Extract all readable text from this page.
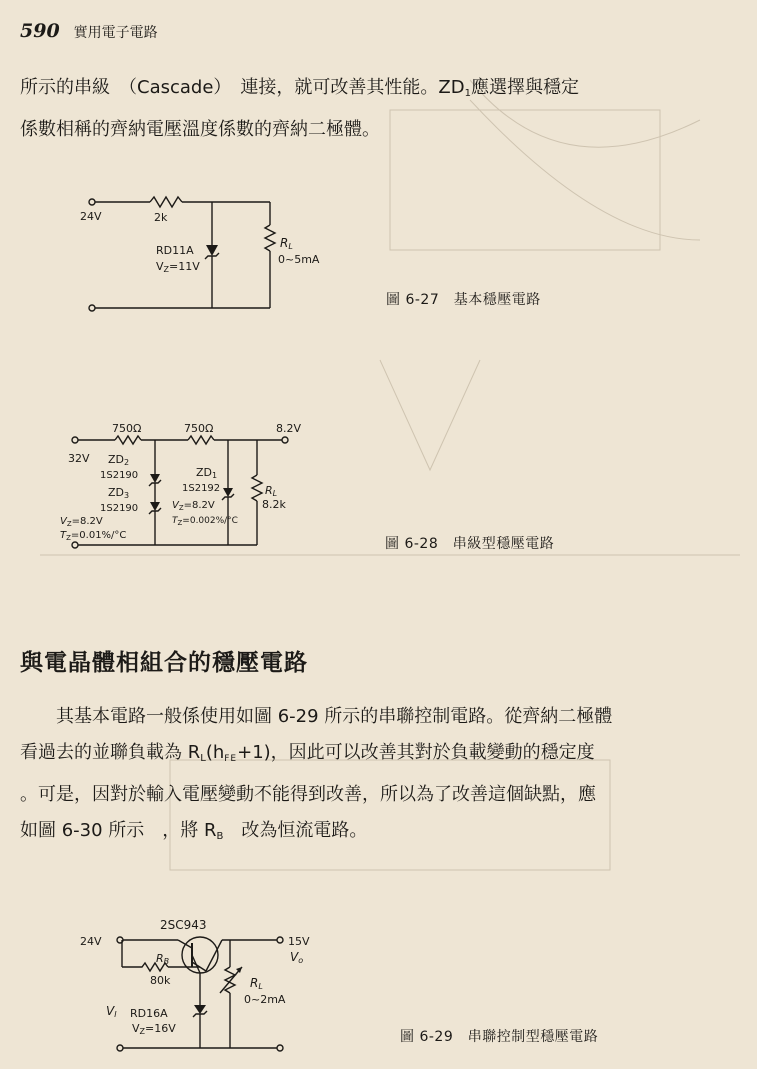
590 實用電子電路

所示的串級　（Cascade）　連接，就可改善其性能。$ZD_1$應選擇與穩定
係數相稱的齊納電壓溫度係數的齊納二極體。

24V	2k
RD11A
VZ=11V
RL
0~5mA
圖 6-27　基本穩壓電路
32V
750Ω	750Ω	8.2V
ZD2
1S2190
ZD3
1S2190
$V_Z=8.2V$
$T_Z=0.01\%/^\circ C$
ZD1
1S2192
$V_Z=8.2V$
$T_Z=0.002\%/^\circ C$
RL
8.2k
圖 6-28　串級型穩壓電路
與電晶體相組合的穩壓電路

　　其基本電路一般係使用如圖 6-29 所示的串聯控制電路。從齊納二極體
看過去的並聯負載為 $R_L(hFE+1)$，因此可以改善其對於負載變動的穩定度
。可是，因對於輸入電壓變動不能得到改善，所以為了改善這個缺點，應
如圖 6-30 所示　，將 $R_B$　改為恒流電路。

2SC943
24V	15V
Vo
VI
RB
80k
RD16A
VZ=16V
RL
0~2mA
圖 6-29　串聯控制型穩壓電路
